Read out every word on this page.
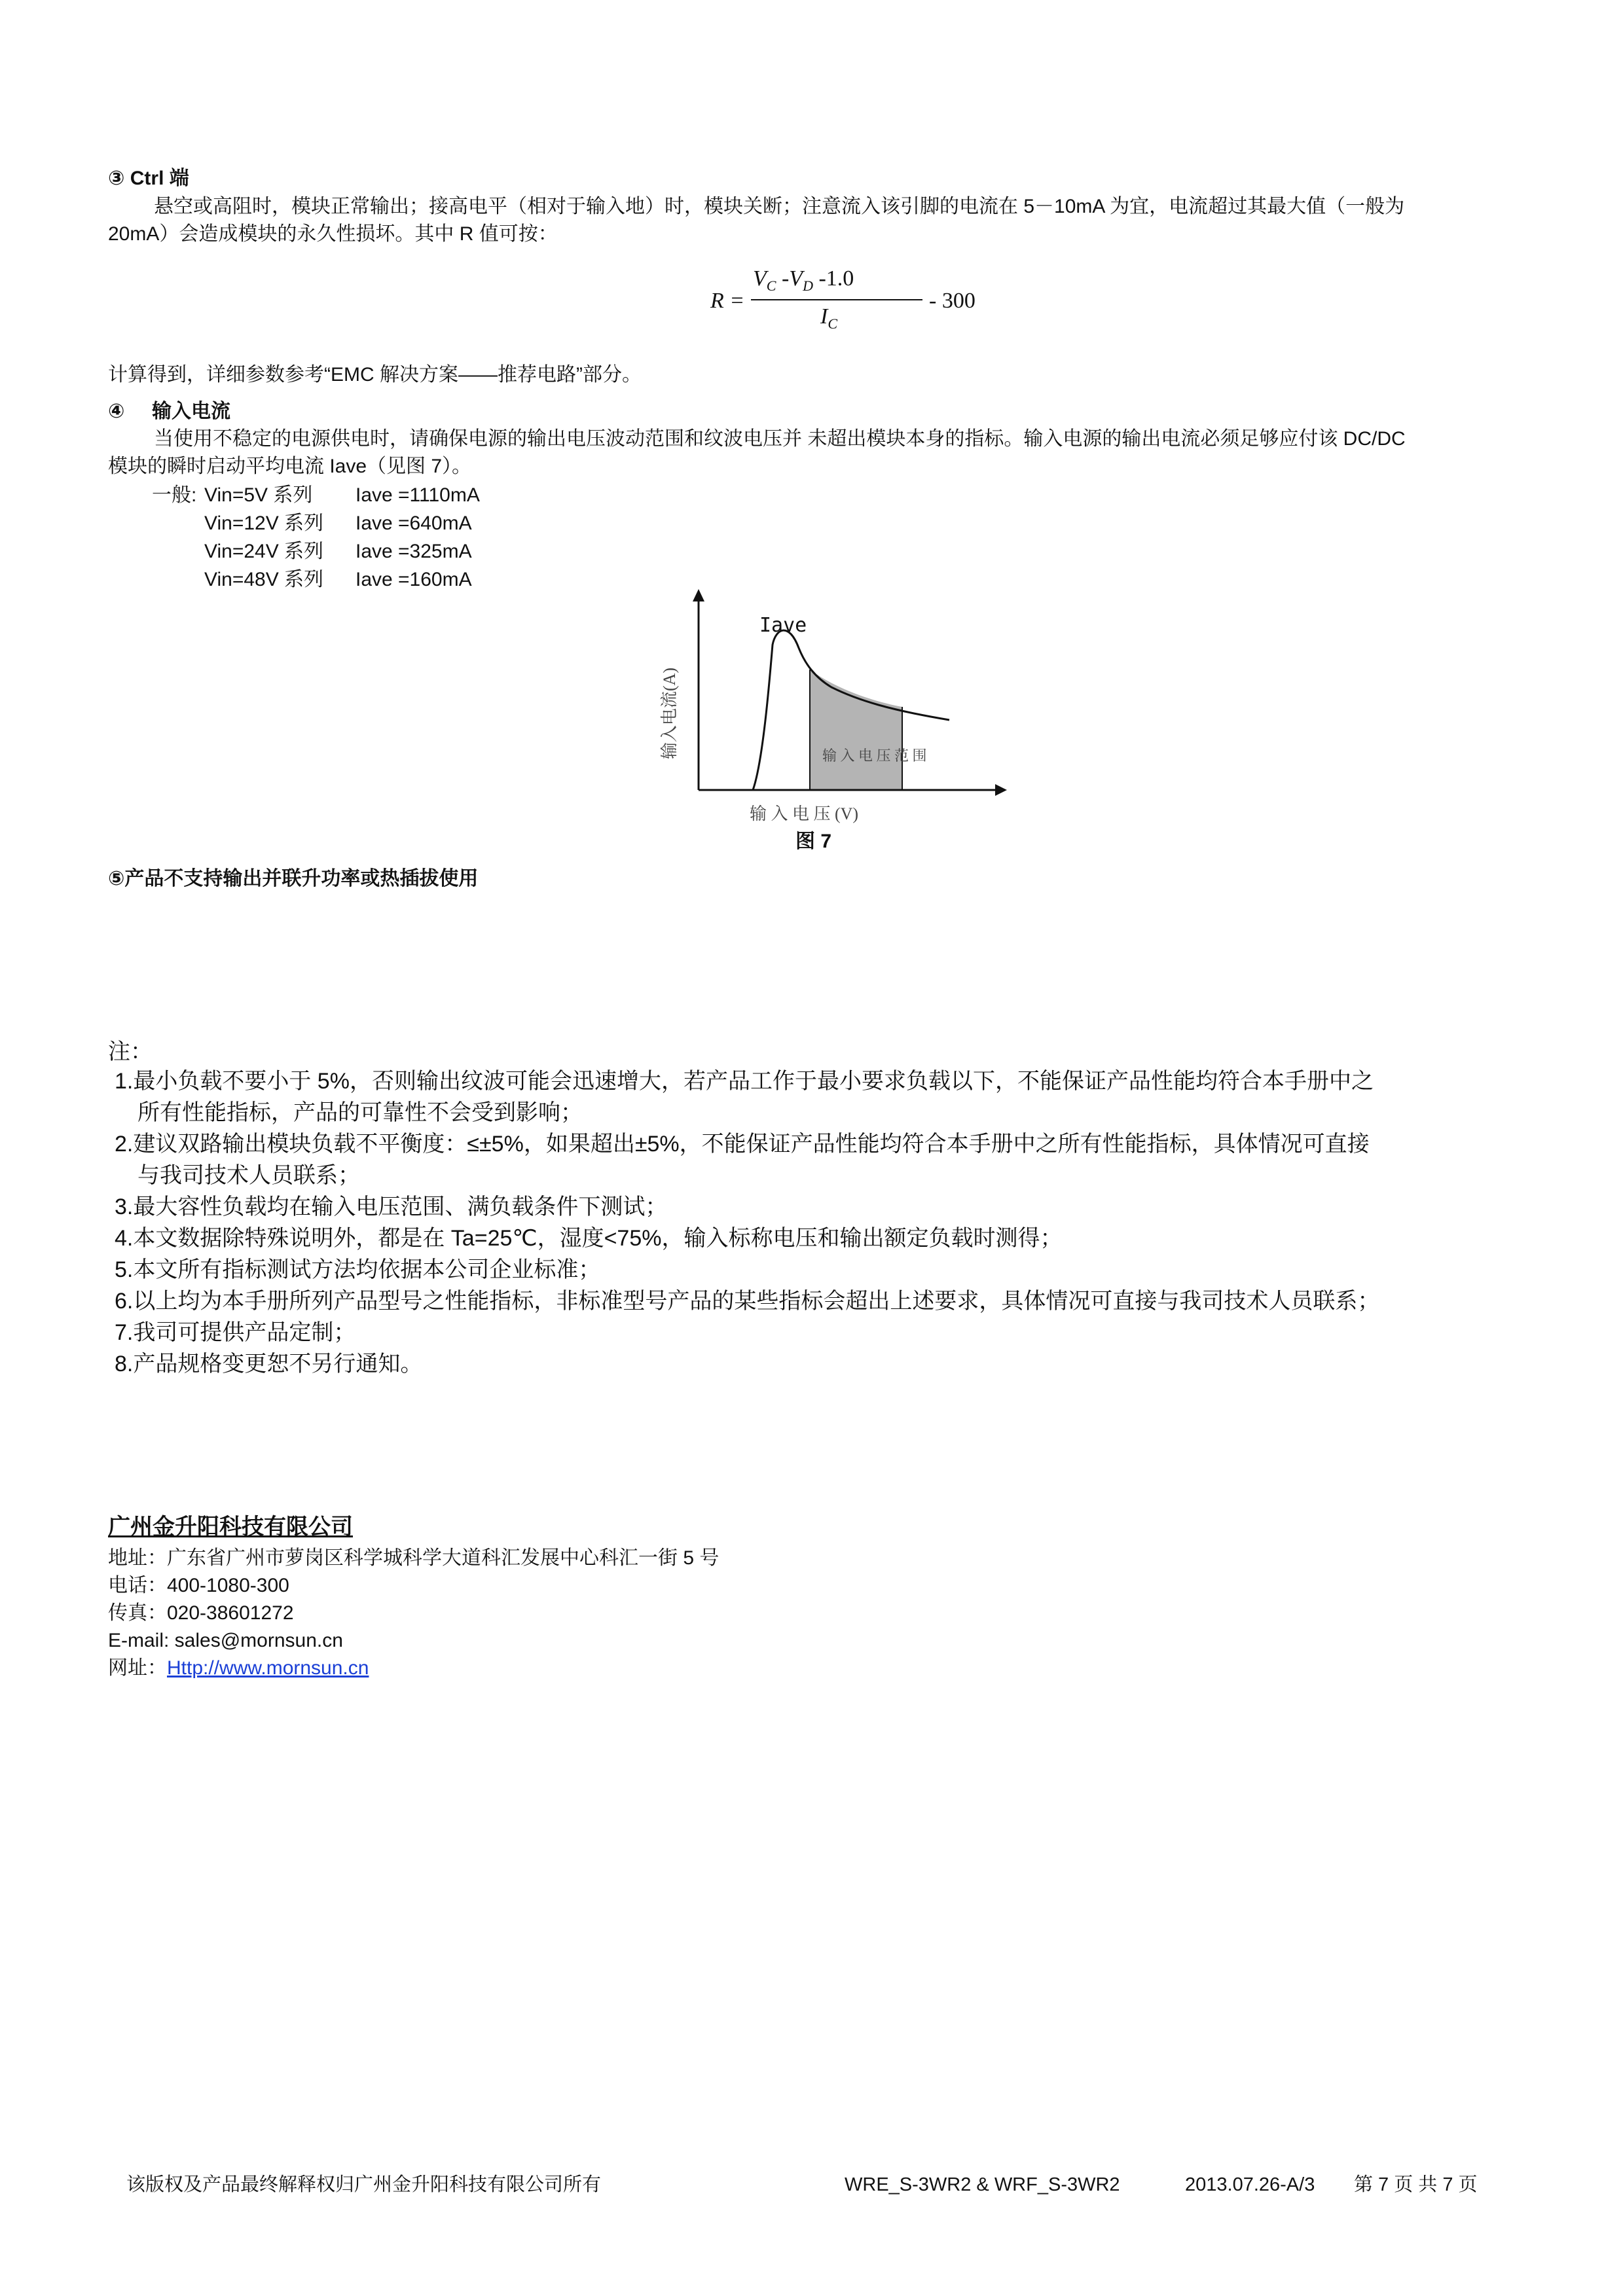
③ Ctrl 端
悬空或高阻时，模块正常输出；接高电平（相对于输入地）时，模块关断；注意流入该引脚的电流在 5－10mA 为宜，电流超过其最大值（一般为
20mA）会造成模块的永久性损坏。其中 R 值可按：
R =
$V_C$ $-V_D$ -1.0
$I_C$
- 300
计算得到，详细参数参考“EMC 解决方案——推荐电路”部分。
④ 输入电流
当使用不稳定的电源供电时，请确保电源的输出电压波动范围和纹波电压并 未超出模块本身的指标。输入电源的输出电流必须足够应付该 DC/DC
模块的瞬时启动平均电流 Iave（见图 7）。
一般: Vin=5V 系列 Iave =1110mA
Vin=12V 系列 Iave =640mA
Vin=24V 系列 Iave =325mA
Vin=48V 系列 Iave =160mA
Iave
输 入 电 压 范 围
输 入 电 压 (V)
输入电流(A)
图 7
⑤产品不支持输出并联升功率或热插拔使用
注：
1.最小负载不要小于 5%，否则输出纹波可能会迅速增大，若产品工作于最小要求负载以下，不能保证产品性能均符合本手册中之
所有性能指标，产品的可靠性不会受到影响；
2.建议双路输出模块负载不平衡度：≤±5%，如果超出±5%，不能保证产品性能均符合本手册中之所有性能指标，具体情况可直接
与我司技术人员联系；
3.最大容性负载均在输入电压范围、满负载条件下测试；
4.本文数据除特殊说明外，都是在 Ta=25℃，湿度<75%，输入标称电压和输出额定负载时测得；
5.本文所有指标测试方法均依据本公司企业标准；
6.以上均为本手册所列产品型号之性能指标，非标准型号产品的某些指标会超出上述要求，具体情况可直接与我司技术人员联系；
7.我司可提供产品定制；
8.产品规格变更恕不另行通知。
广州金升阳科技有限公司
地址：广东省广州市萝岗区科学城科学大道科汇发展中心科汇一街 5 号
电话：400-1080-300
传真：020-38601272
E-mail: sales@mornsun.cn
网址：Http://www.mornsun.cn
该版权及产品最终解释权归广州金升阳科技有限公司所有	WRE_S-3WR2 & WRF_S-3WR2	2013.07.26-A/3 第 7 页 共 7 页
